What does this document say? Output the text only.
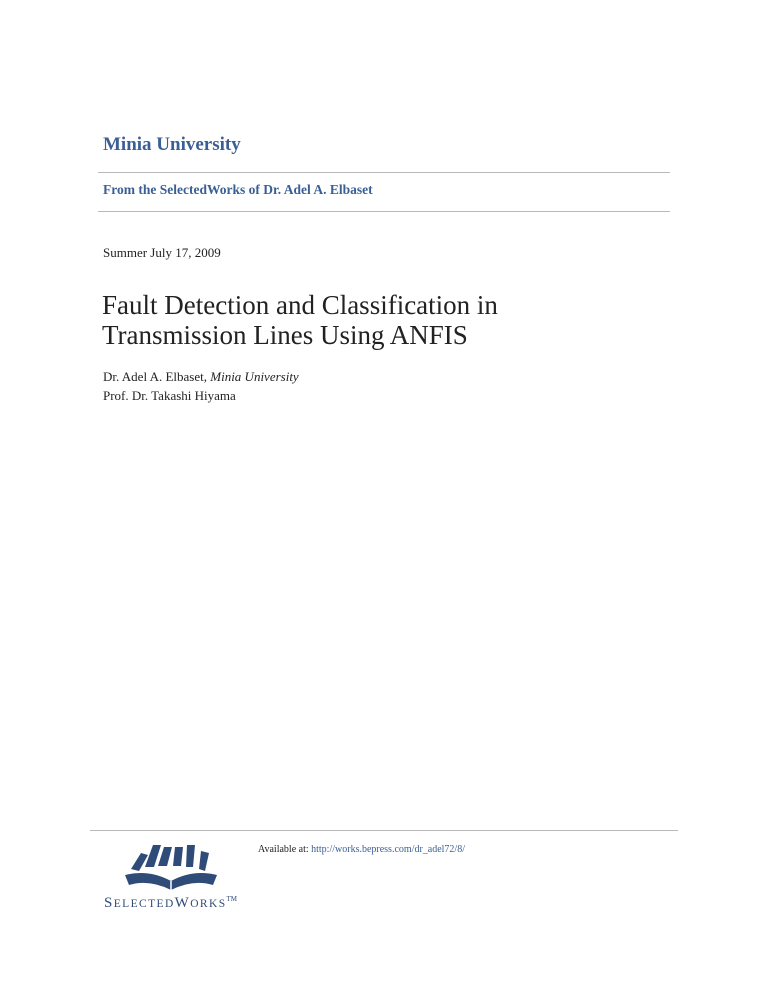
Minia University
From the SelectedWorks of Dr. Adel A. Elbaset
Summer July 17, 2009
Fault Detection and Classification in Transmission Lines Using ANFIS
Dr. Adel A. Elbaset, Minia University
Prof. Dr. Takashi Hiyama
SELECTEDWORKS™
Available at: http://works.bepress.com/dr_adel72/8/
